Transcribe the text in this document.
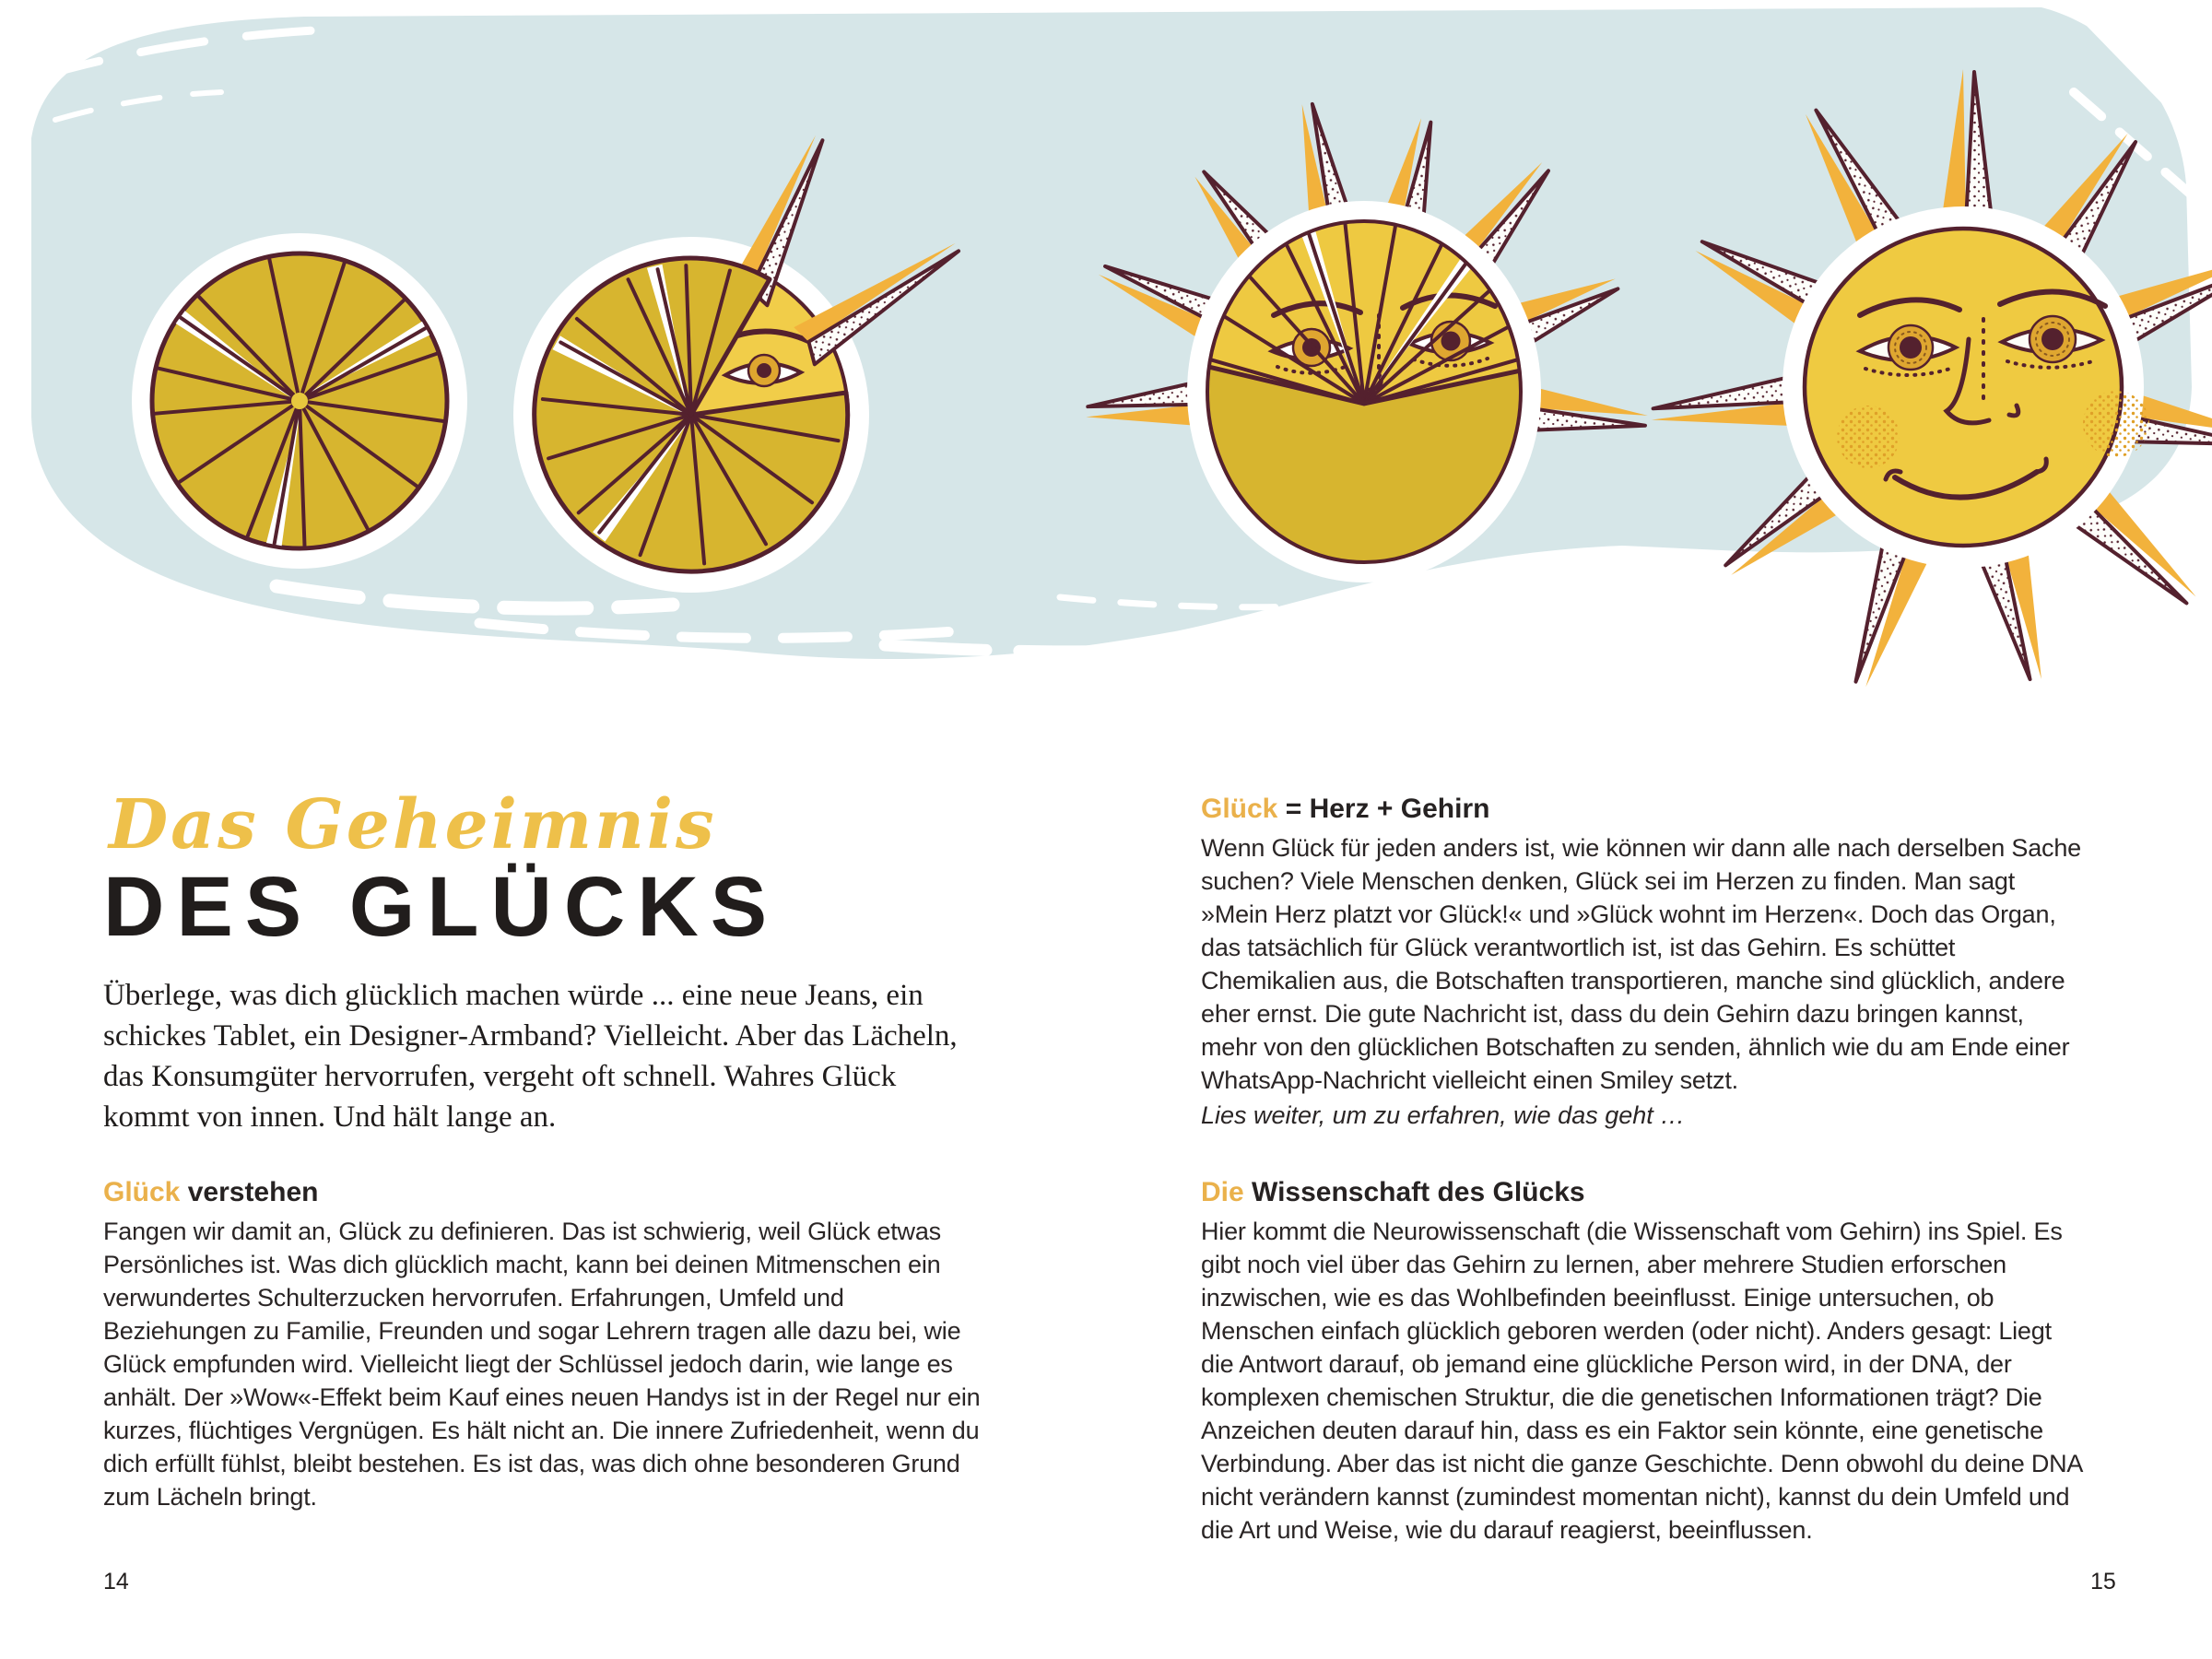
Das Geheimnis
DES GLÜCKS
Überlege, was dich glücklich machen würde ... eine neue Jeans, ein schickes Tablet, ein Designer-Armband? Vielleicht. Aber das Lächeln, das Konsumgüter hervorrufen, vergeht oft schnell. Wahres Glück kommt von innen. Und hält lange an.
Glück verstehen
Fangen wir damit an, Glück zu definieren. Das ist schwierig, weil Glück etwas Persönliches ist. Was dich glücklich macht, kann bei deinen Mitmenschen ein verwundertes Schulterzucken hervorrufen. Erfahrungen, Umfeld und Beziehungen zu Familie, Freunden und sogar Lehrern tragen alle dazu bei, wie Glück empfunden wird. Vielleicht liegt der Schlüssel jedoch darin, wie lange es anhält. Der »Wow«-Effekt beim Kauf eines neuen Handys ist in der Regel nur ein kurzes, flüchtiges Vergnügen. Es hält nicht an. Die innere Zufriedenheit, wenn du dich erfüllt fühlst, bleibt bestehen. Es ist das, was dich ohne besonderen Grund zum Lächeln bringt.
14
Glück = Herz + Gehirn
Wenn Glück für jeden anders ist, wie können wir dann alle nach derselben Sache suchen? Viele Menschen denken, Glück sei im Herzen zu finden. Man sagt »Mein Herz platzt vor Glück!« und »Glück wohnt im Herzen«. Doch das Organ, das tatsächlich für Glück verantwortlich ist, ist das Gehirn. Es schüttet Chemikalien aus, die Botschaften transportieren, manche sind glücklich, andere eher ernst. Die gute Nachricht ist, dass du dein Gehirn dazu bringen kannst, mehr von den glücklichen Botschaften zu senden, ähnlich wie du am Ende einer WhatsApp-Nachricht vielleicht einen Smiley setzt.
Lies weiter, um zu erfahren, wie das geht …
Die Wissenschaft des Glücks
Hier kommt die Neurowissenschaft (die Wissenschaft vom Gehirn) ins Spiel. Es gibt noch viel über das Gehirn zu lernen, aber mehrere Studien erforschen inzwischen, wie es das Wohlbefinden beeinflusst. Einige untersuchen, ob Menschen einfach glücklich geboren werden (oder nicht). Anders gesagt: Liegt die Antwort darauf, ob jemand eine glückliche Person wird, in der DNA, der komplexen chemischen Struktur, die die genetischen Informationen trägt? Die Anzeichen deuten darauf hin, dass es ein Faktor sein könnte, eine genetische Verbindung. Aber das ist nicht die ganze Geschichte. Denn obwohl du deine DNA nicht verändern kannst (zumindest momentan nicht), kannst du dein Umfeld und die Art und Weise, wie du darauf reagierst, beeinflussen.
15
